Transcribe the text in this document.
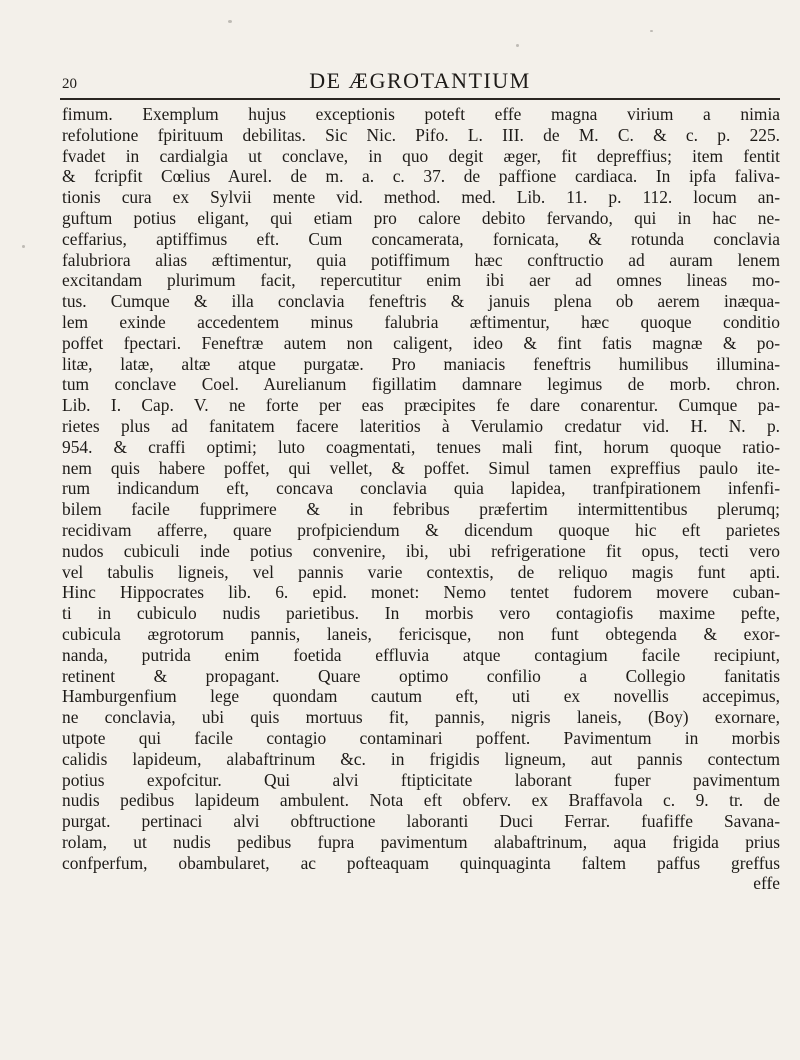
20	DE ÆGROTANTIUM
fimum. Exemplum hujus exceptionis poteft effe magna virium a nimia
refolutione fpirituum debilitas. Sic Nic. Pifo. L. III. de M. C. & c. p. 225.
fvadet in cardialgia ut conclave, in quo degit æger, fit depreffius; item fentit
& fcripfit Cœlius Aurel. de m. a. c. 37. de paffione cardiaca. In ipfa faliva-
tionis cura ex Sylvii mente vid. method. med. Lib. 11. p. 112. locum an-
guftum potius eligant, qui etiam pro calore debito fervando, qui in hac ne-
ceffarius, aptiffimus eft. Cum concamerata, fornicata, & rotunda conclavia
falubriora alias æftimentur, quia potiffimum hæc conftructio ad auram lenem
excitandam plurimum facit, repercutitur enim ibi aer ad omnes lineas mo-
tus. Cumque & illa conclavia feneftris & januis plena ob aerem inæqua-
lem exinde accedentem minus falubria æftimentur, hæc quoque conditio
poffet fpectari. Feneftræ autem non caligent, ideo & fint fatis magnæ & po-
litæ, latæ, altæ atque purgatæ. Pro maniacis feneftris humilibus illumina-
tum conclave Coel. Aurelianum figillatim damnare legimus de morb. chron.
Lib. I. Cap. V. ne forte per eas præcipites fe dare conarentur. Cumque pa-
rietes plus ad fanitatem facere lateritios à Verulamio credatur vid. H. N. p.
954. & craffi optimi; luto coagmentati, tenues mali fint, horum quoque ratio-
nem quis habere poffet, qui vellet, & poffet. Simul tamen expreffius paulo ite-
rum indicandum eft, concava conclavia quia lapidea, tranfpirationem infenfi-
bilem facile fupprimere & in febribus præfertim intermittentibus plerumq;
recidivam afferre, quare profpiciendum & dicendum quoque hic eft parietes
nudos cubiculi inde potius convenire, ibi, ubi refrigeratione fit opus, tecti vero
vel tabulis ligneis, vel pannis varie contextis, de reliquo magis funt apti.
Hinc Hippocrates lib. 6. epid. monet: Nemo tentet fudorem movere cuban-
ti in cubiculo nudis parietibus. In morbis vero contagiofis maxime pefte,
cubicula ægrotorum pannis, laneis, fericisque, non funt obtegenda & exor-
nanda, putrida enim foetida effluvia atque contagium facile recipiunt,
retinent & propagant. Quare optimo confilio a Collegio fanitatis
Hamburgenfium lege quondam cautum eft, uti ex novellis accepimus,
ne conclavia, ubi quis mortuus fit, pannis, nigris laneis, (Boy) exornare,
utpote qui facile contagio contaminari poffent. Pavimentum in morbis
calidis lapideum, alabaftrinum &c. in frigidis ligneum, aut pannis contectum
potius expofcitur. Qui alvi ftipticitate laborant fuper pavimentum
nudis pedibus lapideum ambulent. Nota eft obferv. ex Braffavola c. 9. tr. de
purgat. pertinaci alvi obftructione laboranti Duci Ferrar. fuafiffe Savana-
rolam, ut nudis pedibus fupra pavimentum alabaftrinum, aqua frigida prius
confperfum, obambularet, ac pofteaquam quinquaginta faltem paffus greffus
effe
